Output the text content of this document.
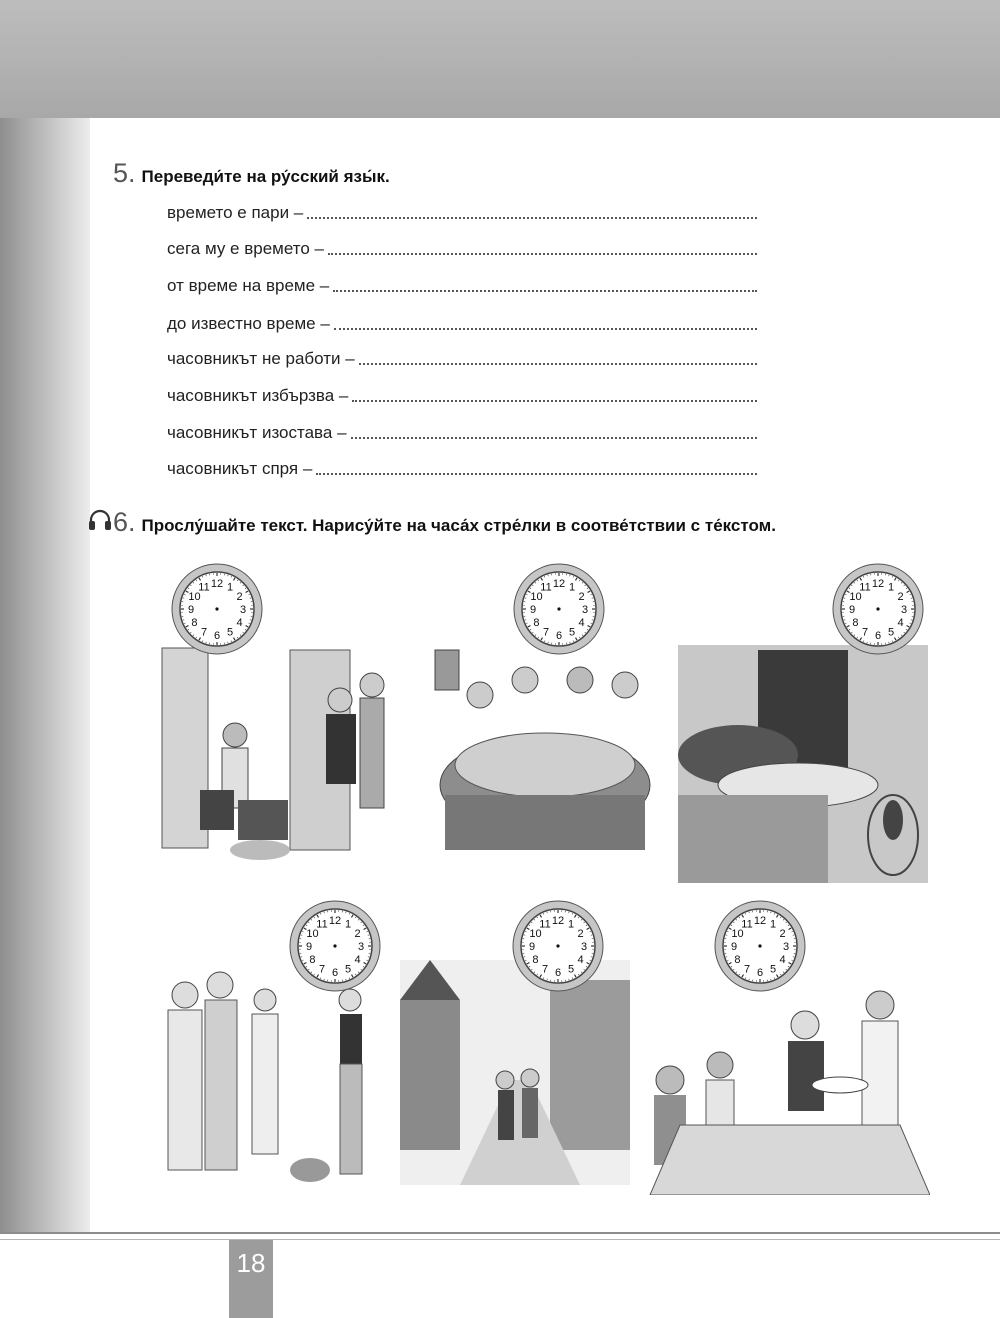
5. Переведи́те на ру́сский язы́к.
времето е пари –
сега му е времето –
от време на време –
до известно време –
часовникът не работи –
часовникът избързва –
часовникът изостава –
часовникът спря –
6. Прослу́шайте текст. Нарису́йте на часа́х стре́лки в соотве́тствии с те́кстом.
12 1
2
3
4
5
6
7
8
9
10
11	12 1
2
3
4
5
6
7
8
9
10
11	12 1
2
3
4
5
6
7
8
9
10
11
12 1
2
3
4
5
6
7
8
9
10
11	12 1
2
3
4
5
6
7
8
9
10
11	12 1
2
3
4
5
6
7
8
9
10
11
18
